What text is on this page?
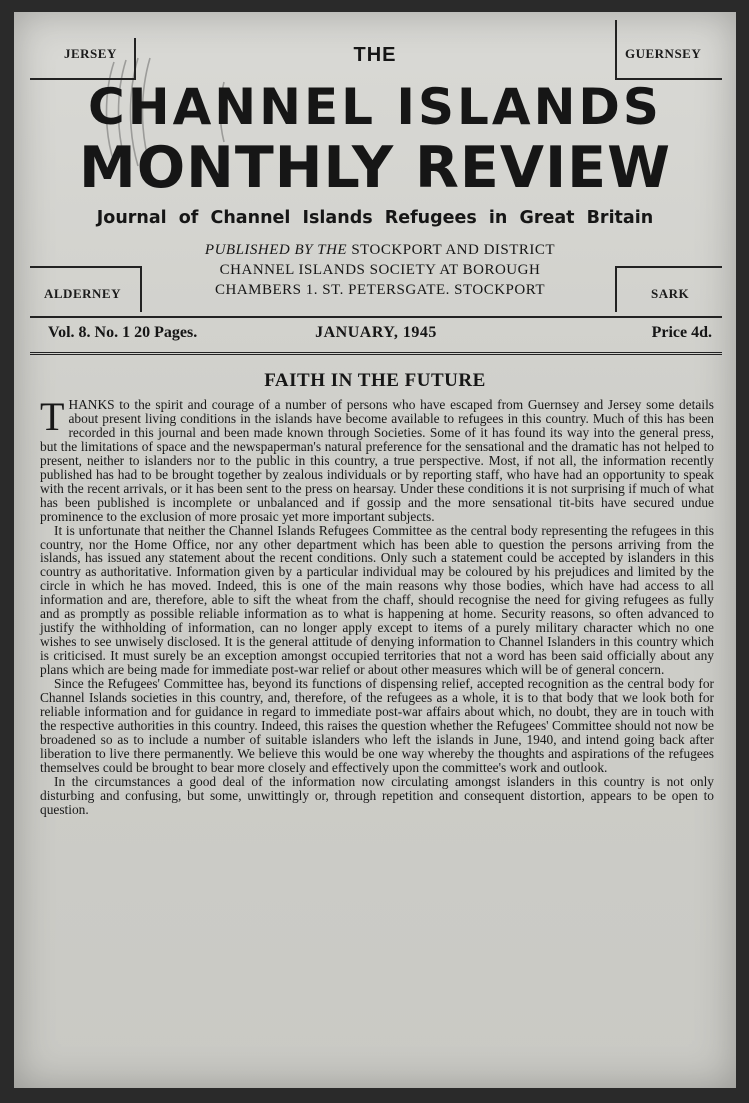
JERSEY	GUERNSEY
ALDERNEY	SARK
THE
CHANNEL ISLANDS
MONTHLY REVIEW
Journal of Channel Islands Refugees in Great Britain
PUBLISHED BY THE STOCKPORT AND DISTRICT
CHANNEL ISLANDS SOCIETY AT BOROUGH
CHAMBERS 1. ST. PETERSGATE. STOCKPORT
Vol. 8. No. 1 20 Pages.	JANUARY, 1945	Price 4d.
FAITH IN THE FUTURE

THANKS to the spirit and courage of a number of persons who have escaped from Guernsey and Jersey some details about present living conditions in the islands have become available to refugees in this country. Much of this has been recorded in this journal and been made known through Societies. Some of it has found its way into the general press, but the limitations of space and the newspaperman's natural preference for the sensational and the dramatic has not helped to present, neither to islanders nor to the public in this country, a true perspective. Most, if not all, the information recently published has had to be brought together by zealous individuals or by reporting staff, who have had an opportunity to speak with the recent arrivals, or it has been sent to the press on hearsay. Under these conditions it is not surprising if much of what has been published is incomplete or unbalanced and if gossip and the more sensational tit-bits have secured undue prominence to the exclusion of more prosaic yet more important subjects.

It is unfortunate that neither the Channel Islands Refugees Committee as the central body representing the refugees in this country, nor the Home Office, nor any other department which has been able to question the persons arriving from the islands, has issued any statement about the recent conditions. Only such a statement could be accepted by islanders in this country as authoritative. Information given by a particular individual may be coloured by his prejudices and limited by the circle in which he has moved. Indeed, this is one of the main reasons why those bodies, which have had access to all information and are, therefore, able to sift the wheat from the chaff, should recognise the need for giving refugees as fully and as promptly as possible reliable information as to what is happening at home. Security reasons, so often advanced to justify the withholding of information, can no longer apply except to items of a purely military character which no one wishes to see unwisely disclosed. It is the general attitude of denying information to Channel Islanders in this country which is criticised. It must surely be an exception amongst occupied territories that not a word has been said officially about any plans which are being made for immediate post-war relief or about other measures which will be of general concern.

Since the Refugees' Committee has, beyond its functions of dispensing relief, accepted recognition as the central body for Channel Islands societies in this country, and, therefore, of the refugees as a whole, it is to that body that we look both for reliable information and for guidance in regard to immediate post-war affairs about which, no doubt, they are in touch with the respective authorities in this country. Indeed, this raises the question whether the Refugees' Committee should not now be broadened so as to include a number of suitable islanders who left the islands in June, 1940, and intend going back after liberation to live there permanently. We believe this would be one way whereby the thoughts and aspirations of the refugees themselves could be brought to bear more closely and effectively upon the committee's work and outlook.

In the circumstances a good deal of the information now circulating amongst islanders in this country is not only disturbing and confusing, but some, unwittingly or, through repetition and consequent distortion, appears to be open to question.
